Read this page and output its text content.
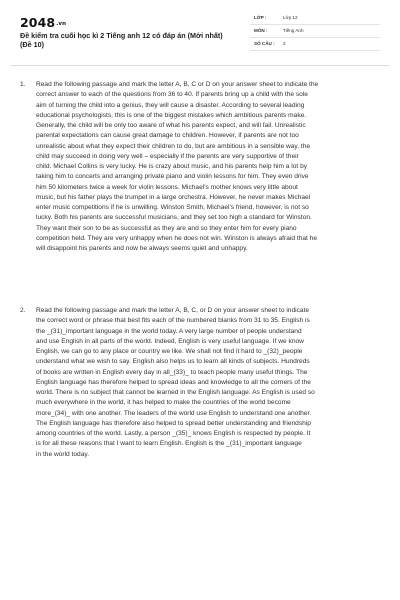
2048.vn
Đề kiểm tra cuối học kì 2 Tiếng anh 12 có đáp án (Mới nhất) (Đề 10)
LỚP :	Lớp 12
MÔN :	Tiếng Anh
SỐ CÂU : 2
1. Read the following passage and mark the letter A, B, C or D on your answer sheet to indicate the
correct answer to each of the questions from 36 to 40. If parents bring up a child with the sole
aim of turning the child into a genius, they will cause a disaster. According to several leading
educational psychologists, this is one of the biggest mistakes which ambitious parents make.
Generally, the child will be only too aware of what his parents expect, and will fail. Unrealistic
parental expectations can cause great damage to children. However, if parents are not too
unrealistic about what they expect their children to do, but are ambitious in a sensible way, the
child may succeed in doing very well – especially if the parents are very supportive of their
child. Michael Collins is very lucky. He is crazy about music, and his parents help him a lot by
taking him to concerts and arranging private piano and violin lessons for him. They even drive
him 50 kilometers twice a week for violin lessons. Michael's mother knows very little about
music, but his father plays the trumpet in a large orchestra. However, he never makes Michael
enter music competitions if he is unwilling. Winston Smith, Michael's friend, however, is not so
lucky. Both his parents are successful musicians, and they set too high a standard for Winston.
They want their son to be as successful as they are and so they enter him for every piano
competition held. They are very unhappy when he does not win. Winston is always afraid that he
will disappoint his parents and now he always seems quiet and unhappy.
2. Read the following passage and mark the letter A, B, C, or D on your answer sheet to indicate
the correct word or phrase that best fits each of the numbered blanks from 31 to 35. English is
the _(31)_important language in the world today. A very large number of people understand
and use English in all parts of the world. Indeed, English is very useful language. If we know
English, we can go to any place or country we like. We shall not find it hard to _(32)_people
understand what we wish to say. English also helps us to learn all kinds of subjects. Hundreds
of books are written in English every day in all_(33)_ to teach people many useful things. The
English language has therefore helped to spread ideas and knowledge to all the corners of the
world. There is no subject that cannot be learned in the English language. As English is used so
much everywhere in the world, it has helped to make the countries of the world become
more_(34)_ with one another. The leaders of the world use English to understand one another.
The English language has therefore also helped to spread better understanding and friendship
among countries of the world. Lastly, a person _(35)_ knows English is respected by people. It
is for all these reasons that I want to learn English. English is the _(31)_important language
in the world today.
